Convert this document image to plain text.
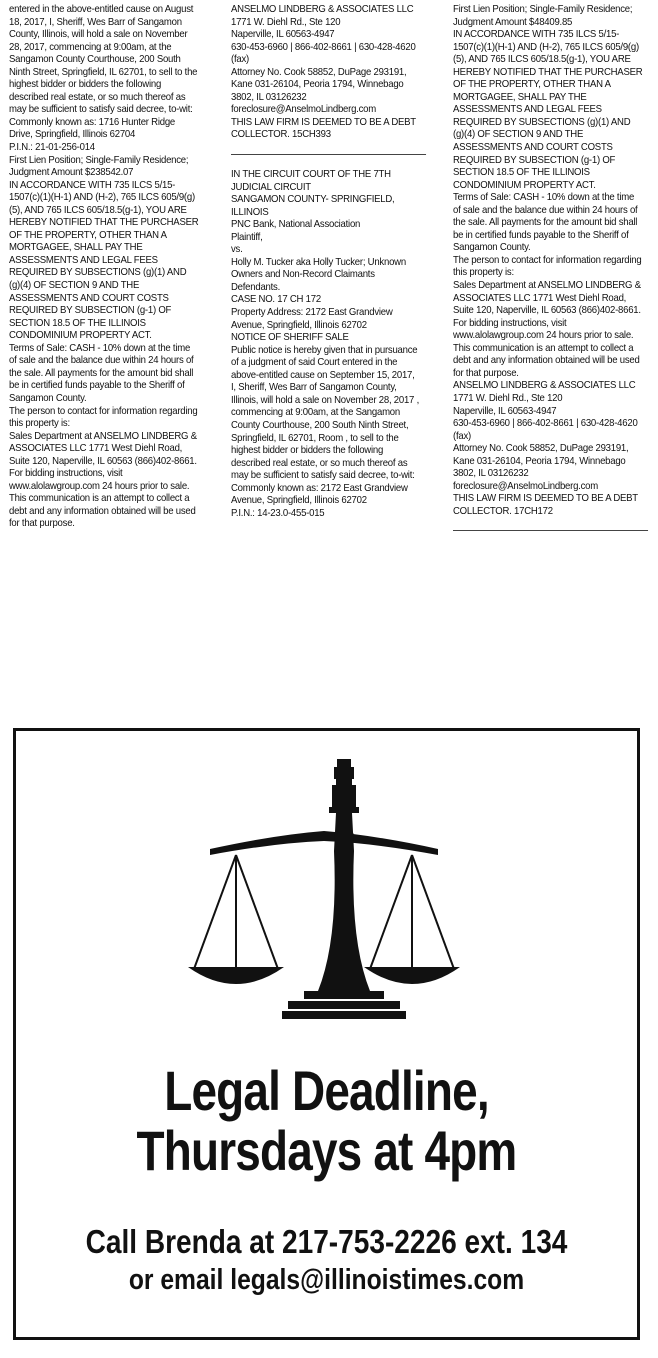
entered in the above-entitled cause on August 18, 2017, I, Sheriff, Wes Barr of Sangamon County, Illinois, will hold a sale on November 28, 2017, commencing at 9:00am, at the Sangamon County Courthouse, 200 South Ninth Street, Springfield, IL 62701, to sell to the highest bidder or bidders the following described real estate, or so much thereof as may be sufficient to satisfy said decree, to-wit:
Commonly known as: 1716 Hunter Ridge Drive, Springfield, Illinois 62704
P.I.N.: 21-01-256-014
First Lien Position; Single-Family Residence; Judgment Amount $238542.07
IN ACCORDANCE WITH 735 ILCS 5/15-1507(c)(1)(H-1) AND (H-2), 765 ILCS 605/9(g)(5), AND 765 ILCS 605/18.5(g-1), YOU ARE HEREBY NOTIFIED THAT THE PURCHASER OF THE PROPERTY, OTHER THAN A MORTGAGEE, SHALL PAY THE ASSESSMENTS AND LEGAL FEES REQUIRED BY SUBSECTIONS (g)(1) AND (g)(4) OF SECTION 9 AND THE ASSESSMENTS AND COURT COSTS REQUIRED BY SUBSECTION (g-1) OF SECTION 18.5 OF THE ILLINOIS CONDOMINIUM PROPERTY ACT.
Terms of Sale: CASH - 10% down at the time of sale and the balance due within 24 hours of the sale. All payments for the amount bid shall be in certified funds payable to the Sheriff of Sangamon County.
The person to contact for information regarding this property is:
Sales Department at ANSELMO LINDBERG & ASSOCIATES LLC 1771 West Diehl Road, Suite 120, Naperville, IL 60563 (866)402-8661. For bidding instructions, visit www.alolawgroup.com 24 hours prior to sale.
This communication is an attempt to collect a debt and any information obtained will be used for that purpose.

ANSELMO LINDBERG & ASSOCIATES LLC
1771 W. Diehl Rd., Ste 120
Naperville, IL 60563-4947
630-453-6960 | 866-402-8661 | 630-428-4620 (fax)
Attorney No. Cook 58852, DuPage 293191, Kane 031-26104, Peoria 1794, Winnebago 3802, IL 03126232
foreclosure@AnselmoLindberg.com
THIS LAW FIRM IS DEEMED TO BE A DEBT COLLECTOR. 15CH393

IN THE CIRCUIT COURT OF THE 7TH JUDICIAL CIRCUIT
SANGAMON COUNTY- SPRINGFIELD, ILLINOIS
PNC Bank, National Association
Plaintiff,
vs.
Holly M. Tucker aka Holly Tucker; Unknown Owners and Non-Record Claimants
Defendants.
CASE NO. 17 CH 172
Property Address: 2172 East Grandview Avenue, Springfield, Illinois 62702
NOTICE OF SHERIFF SALE
Public notice is hereby given that in pursuance of a judgment of said Court entered in the above-entitled cause on September 15, 2017, I, Sheriff, Wes Barr of Sangamon County, Illinois, will hold a sale on November 28, 2017 , commencing at 9:00am, at the Sangamon County Courthouse, 200 South Ninth Street, Springfield, IL 62701, Room , to sell to the highest bidder or bidders the following described real estate, or so much thereof as may be sufficient to satisfy said decree, to-wit:
Commonly known as: 2172 East Grandview Avenue, Springfield, Illinois 62702
P.I.N.: 14-23.0-455-015

First Lien Position; Single-Family Residence; Judgment Amount $48409.85
IN ACCORDANCE WITH 735 ILCS 5/15-1507(c)(1)(H-1) AND (H-2), 765 ILCS 605/9(g)(5), AND 765 ILCS 605/18.5(g-1), YOU ARE HEREBY NOTIFIED THAT THE PURCHASER OF THE PROPERTY, OTHER THAN A MORTGAGEE, SHALL PAY THE ASSESSMENTS AND LEGAL FEES REQUIRED BY SUBSECTIONS (g)(1) AND (g)(4) OF SECTION 9 AND THE ASSESSMENTS AND COURT COSTS REQUIRED BY SUBSECTION (g-1) OF SECTION 18.5 OF THE ILLINOIS CONDOMINIUM PROPERTY ACT.
Terms of Sale: CASH - 10% down at the time of sale and the balance due within 24 hours of the sale. All payments for the amount bid shall be in certified funds payable to the Sheriff of Sangamon County.
The person to contact for information regarding this property is:
Sales Department at ANSELMO LINDBERG & ASSOCIATES LLC 1771 West Diehl Road, Suite 120, Naperville, IL 60563 (866)402-8661. For bidding instructions, visit www.alolawgroup.com 24 hours prior to sale.
This communication is an attempt to collect a debt and any information obtained will be used for that purpose.
ANSELMO LINDBERG & ASSOCIATES LLC
1771 W. Diehl Rd., Ste 120
Naperville, IL 60563-4947
630-453-6960 | 866-402-8661 | 630-428-4620 (fax)
Attorney No. Cook 58852, DuPage 293191, Kane 031-26104, Peoria 1794, Winnebago 3802, IL 03126232
foreclosure@AnselmoLindberg.com
THIS LAW FIRM IS DEEMED TO BE A DEBT COLLECTOR. 17CH172

Legal Deadline,
Thursdays at 4pm

Call Brenda at 217-753-2226 ext. 134

or email legals@illinoistimes.com
